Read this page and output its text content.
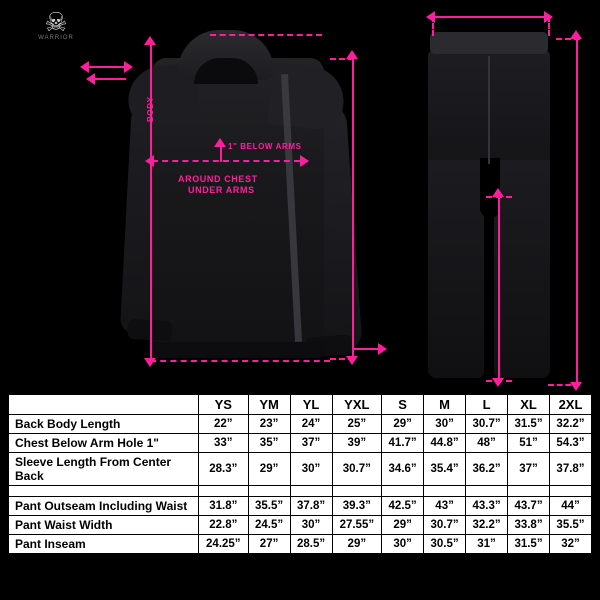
☠
WARRIOR
BODY
1" BELOW ARMS
AROUND CHEST
UNDER ARMS
	YS	YM	YL	YXL	S	M	L	XL	2XL
Back Body Length	22”	23”	24”	25”	29”	30”	30.7”	31.5”	32.2”
Chest Below Arm Hole 1"	33”	35”	37”	39”	41.7”	44.8”	48”	51”	54.3”
Sleeve Length From Center Back	28.3”	29”	30”	30.7”	34.6”	35.4”	36.2”	37”	37.8”

Pant Outseam Including Waist	31.8”	35.5”	37.8”	39.3”	42.5”	43”	43.3”	43.7”	44”
Pant Waist Width	22.8”	24.5”	30”	27.55”	29”	30.7”	32.2”	33.8”	35.5”
Pant Inseam	24.25”	27”	28.5”	29”	30”	30.5”	31”	31.5”	32”
